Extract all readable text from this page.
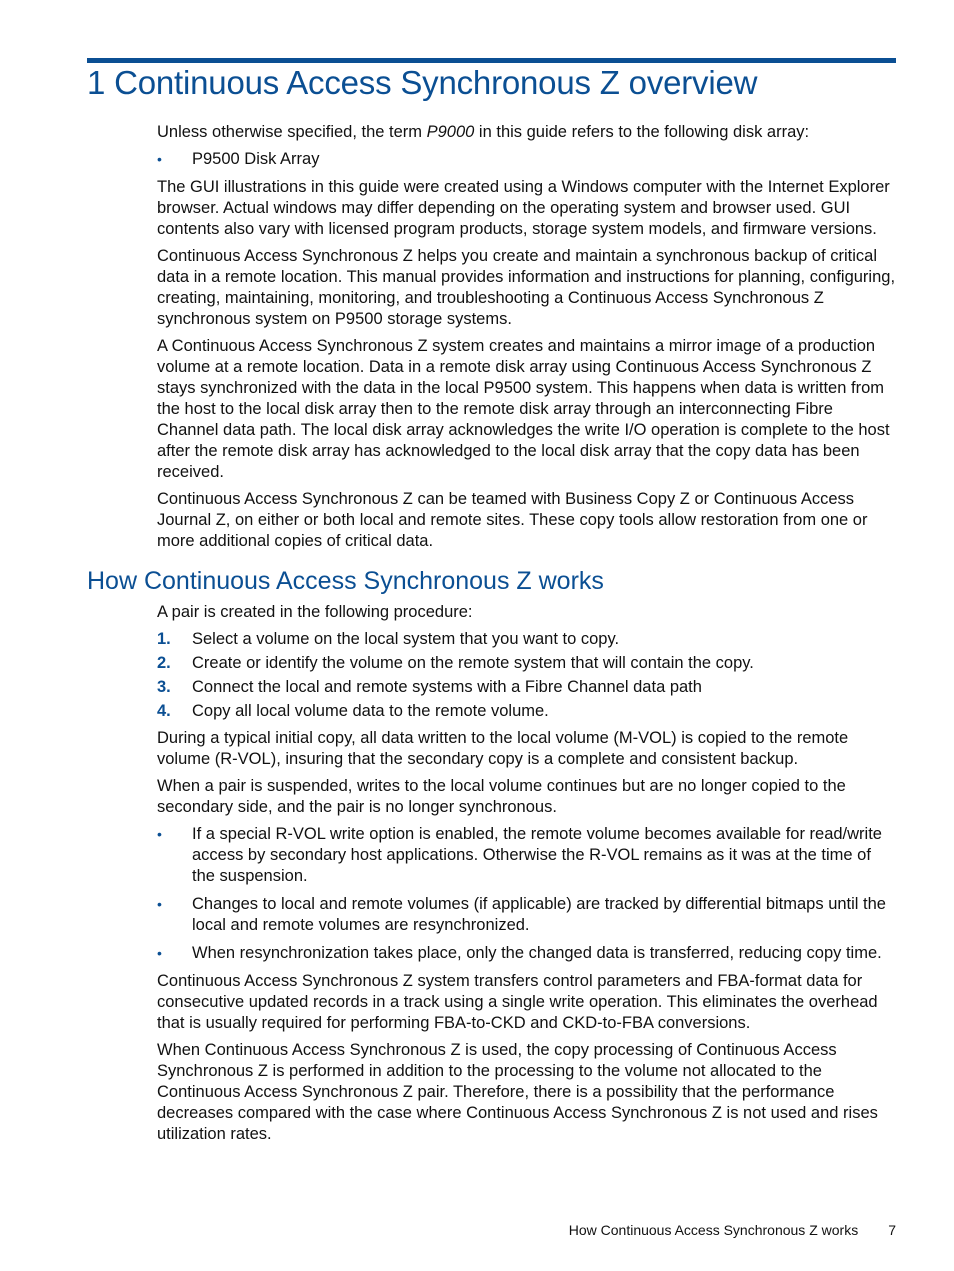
1 Continuous Access Synchronous Z overview

Unless otherwise specified, the term P9000 in this guide refers to the following disk array:

• P9500 Disk Array

The GUI illustrations in this guide were created using a Windows computer with the Internet Explorer browser. Actual windows may differ depending on the operating system and browser used. GUI contents also vary with licensed program products, storage system models, and firmware versions.

Continuous Access Synchronous Z helps you create and maintain a synchronous backup of critical data in a remote location. This manual provides information and instructions for planning, configuring, creating, maintaining, monitoring, and troubleshooting a Continuous Access Synchronous Z synchronous system on P9500 storage systems.

A Continuous Access Synchronous Z system creates and maintains a mirror image of a production volume at a remote location. Data in a remote disk array using Continuous Access Synchronous Z stays synchronized with the data in the local P9500 system. This happens when data is written from the host to the local disk array then to the remote disk array through an interconnecting Fibre Channel data path. The local disk array acknowledges the write I/O operation is complete to the host after the remote disk array has acknowledged to the local disk array that the copy data has been received.

Continuous Access Synchronous Z can be teamed with Business Copy Z or Continuous Access Journal Z, on either or both local and remote sites. These copy tools allow restoration from one or more additional copies of critical data.

How Continuous Access Synchronous Z works

A pair is created in the following procedure:

1. Select a volume on the local system that you want to copy.
2. Create or identify the volume on the remote system that will contain the copy.
3. Connect the local and remote systems with a Fibre Channel data path
4. Copy all local volume data to the remote volume.

During a typical initial copy, all data written to the local volume (M-VOL) is copied to the remote volume (R-VOL), insuring that the secondary copy is a complete and consistent backup.

When a pair is suspended, writes to the local volume continues but are no longer copied to the secondary side, and the pair is no longer synchronous.

• If a special R-VOL write option is enabled, the remote volume becomes available for read/write access by secondary host applications. Otherwise the R-VOL remains as it was at the time of the suspension.
• Changes to local and remote volumes (if applicable) are tracked by differential bitmaps until the local and remote volumes are resynchronized.
• When resynchronization takes place, only the changed data is transferred, reducing copy time.

Continuous Access Synchronous Z system transfers control parameters and FBA-format data for consecutive updated records in a track using a single write operation. This eliminates the overhead that is usually required for performing FBA-to-CKD and CKD-to-FBA conversions.

When Continuous Access Synchronous Z is used, the copy processing of Continuous Access Synchronous Z is performed in addition to the processing to the volume not allocated to the Continuous Access Synchronous Z pair. Therefore, there is a possibility that the performance decreases compared with the case where Continuous Access Synchronous Z is not used and rises utilization rates.

How Continuous Access Synchronous Z works 7
